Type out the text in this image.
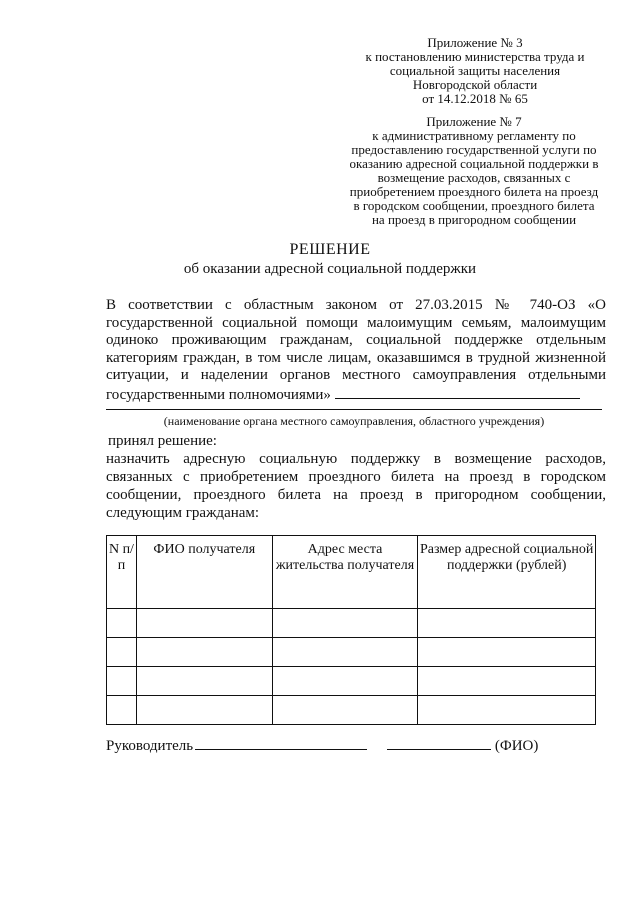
Приложение № 3
к постановлению министерства труда и
социальной защиты населения
Новгородской области
от 14.12.2018 № 65
Приложение № 7
к административному регламенту по
предоставлению государственной услуги по
оказанию адресной социальной поддержки в
возмещение расходов, связанных с
приобретением проездного билета на проезд
в городском сообщении, проездного билета
на проезд в пригородном сообщении
РЕШЕНИЕ
об оказании адресной социальной поддержки
В соответствии с областным законом от 27.03.2015 № 740-ОЗ «О
государственной социальной помощи малоимущим семьям, малоимущим
одиноко проживающим гражданам, социальной поддержке отдельным
категориям граждан, в том числе лицам, оказавшимся в трудной жизненной
ситуации, и наделении органов местного самоуправления отдельными
государственными полномочиями»
(наименование органа местного самоуправления, областного учреждения)
принял решение:
назначить адресную социальную поддержку в возмещение расходов,
связанных с приобретением проездного билета на проезд в городском
сообщении, проездного билета на проезд в пригородном сообщении,
следующим гражданам:
N п/п	ФИО получателя	Адрес места жительства получателя	Размер адресной социальной поддержки (рублей)

Руководитель	(ФИО)
